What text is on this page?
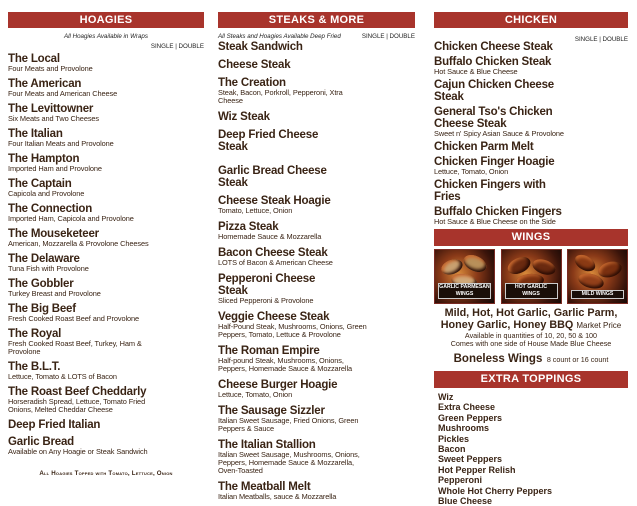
HOAGIES
All Hoagies Available in Wraps
SINGLE | DOUBLE
The Local
Four Meats and Provolone
The American
Four Meats and American Cheese
The Levittowner
Six Meats and Two Cheeses
The Italian
Four Italian Meats and Provolone
The Hampton
Imported Ham and Provolone
The Captain
Capicola and Provolone
The Connection
Imported Ham, Capicola and Provolone
The Mouseketeer
American, Mozzarella & Provolone Cheeses
The Delaware
Tuna Fish with Provolone
The Gobbler
Turkey Breast and Provolone
The Big Beef
Fresh Cooked Roast Beef and Provolone
The Royal
Fresh Cooked Roast Beef, Turkey, Ham & Provolone
The B.L.T.
Lettuce, Tomato & LOTS of Bacon
The Roast Beef Cheddarly
Horseradish Spread, Lettuce, Tomato Fried Onions, Melted Cheddar Cheese
Deep Fried Italian
Garlic Bread
Available on Any Hoagie or Steak Sandwich
All Hoagies Topped with Tomato, Lettuce, Onion
STEAKS & MORE
All Steaks and Hoagies Available Deep Fried	SINGLE | DOUBLE
Steak Sandwich
Cheese Steak
The Creation
Steak, Bacon, Porkroll, Pepperoni, Xtra Cheese
Wiz Steak
Deep Fried Cheese Steak
Garlic Bread Cheese Steak
Cheese Steak Hoagie
Tomato, Lettuce, Onion
Pizza Steak
Homemade Sauce & Mozzarella
Bacon Cheese Steak
LOTS of Bacon & American Cheese
Pepperoni Cheese Steak
Sliced Pepperoni & Provolone
Veggie Cheese Steak
Half-Pound Steak, Mushrooms, Onions, Green Peppers, Tomato, Lettuce & Provolone
The Roman Empire
Half-pound Steak, Mushrooms, Onions, Peppers, Homemade Sauce & Mozzarella
Cheese Burger Hoagie
Lettuce, Tomato, Onion
The Sausage Sizzler
Italian Sweet Sausage, Fried Onions, Green Peppers & Sauce
The Italian Stallion
Italian Sweet Sausage, Mushrooms, Onions, Peppers, Homemade Sauce & Mozzarella, Oven-Toasted
The Meatball Melt
Italian Meatballs, sauce & Mozzarella
CHICKEN
SINGLE | DOUBLE
Chicken Cheese Steak
Buffalo Chicken Steak
Hot Sauce & Blue Cheese
Cajun Chicken Cheese Steak
General Tso's Chicken Cheese Steak
Sweet n' Spicy Asian Sauce & Provolone
Chicken Parm Melt
Chicken Finger Hoagie
Lettuce, Tomato, Onion
Chicken Fingers with Fries
Buffalo Chicken Fingers
Hot Sauce & Blue Cheese on the Side
WINGS
GARLIC PARMESAN WINGS
HOT GARLIC WINGS	MILD WINGS
Mild, Hot, Hot Garlic, Garlic Parm, Honey Garlic, Honey BBQ Market Price
Available in quantities of 10, 20, 50 & 100
Comes with one side of House Made Blue Cheese
Boneless Wings 8 count or 16 count
EXTRA TOPPINGS
Wiz
Extra Cheese
Green Peppers
Mushrooms
Pickles
Bacon
Sweet Peppers
Hot Pepper Relish
Pepperoni
Whole Hot Cherry Peppers
Blue Cheese
